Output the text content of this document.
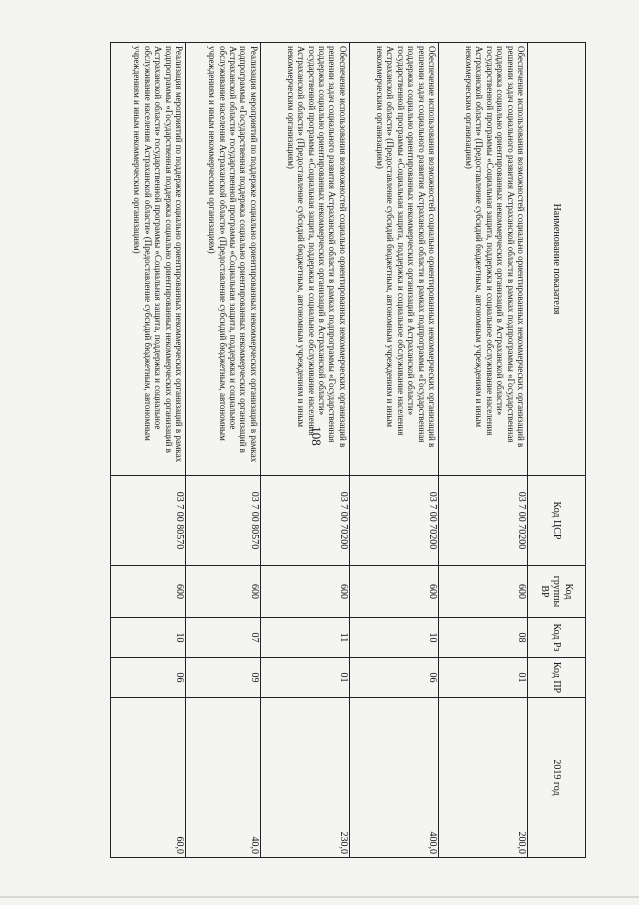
108
Наименование показателя	Код ЦСР	Код группы ВР	Код Рз	Код ПР	2019 год
Обеспечение использования возможностей социально ориентированных некоммерческих организаций в решении задач социального развития Астраханской области в рамках подпрограммы «Государственная поддержка социально ориентированных некоммерческих организаций в Астраханской области» государственной программы «Социальная защита, поддержка и социальное обслуживание населения Астраханской области» (Предоставление субсидий бюджетным, автономным учреждениям и иным некоммерческим организациям)	03 7 00 70200	600	08	01	200,0
Обеспечение использования возможностей социально ориентированных некоммерческих организаций в решении задач социального развития Астраханской области в рамках подпрограммы «Государственная поддержка социально ориентированных некоммерческих организаций в Астраханской области» государственной программы «Социальная защита, поддержка и социальное обслуживание населения Астраханской области» (Предоставление субсидий бюджетным, автономным учреждениям и иным некоммерческим организациям)	03 7 00 70200	600	10	06	400,0
Обеспечение использования возможностей социально ориентированных некоммерческих организаций в решении задач социального развития Астраханской области в рамках подпрограммы «Государственная поддержка социально ориентированных некоммерческих организаций в Астраханской области» государственной программы «Социальная защита, поддержка и социальное обслуживание населения Астраханской области» (Предоставление субсидий бюджетным, автономным учреждениям и иным некоммерческим организациям)	03 7 00 70200	600	11	01	230,0
Реализация мероприятий по поддержке социально ориентированных некоммерческих организаций в рамках подпрограммы «Государственная поддержка социально ориентированных некоммерческих организаций в Астраханской области» государственной программы «Социальная защита, поддержка и социальное обслуживание населения Астраханской области» (Предоставление субсидий бюджетным, автономным учреждениям и иным некоммерческим организациям)	03 7 00 80570	600	07	09	40,0
Реализация мероприятий по поддержке социально ориентированных некоммерческих организаций в рамках подпрограммы «Государственная поддержка социально ориентированных некоммерческих организаций в Астраханской области» государственной программы «Социальная защита, поддержка и социальное обслуживание населения Астраханской области» (Предоставление субсидий бюджетным, автономным учреждениям и иным некоммерческим организациям)	03 7 00 80570	600	10	06	60,0
